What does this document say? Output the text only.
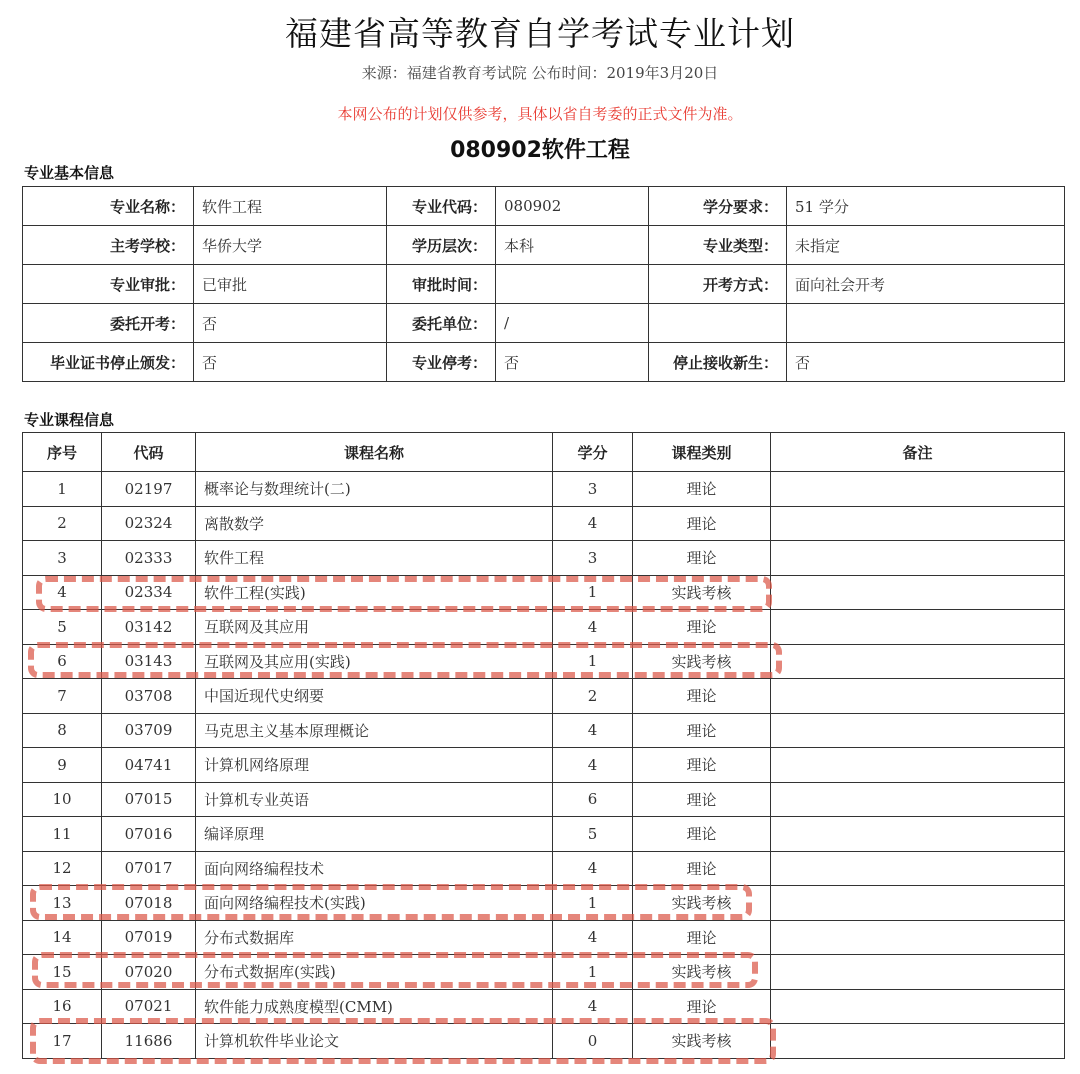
福建省高等教育自学考试专业计划
来源：福建省教育考试院 公布时间：2019年3月20日
本网公布的计划仅供参考，具体以省自考委的正式文件为准。
080902软件工程
专业基本信息
专业名称：	软件工程	专业代码：	080902	学分要求：	51 学分
主考学校：	华侨大学	学历层次：	本科	专业类型：	未指定
专业审批：	已审批	审批时间：		开考方式：	面向社会开考
委托开考：	否	委托单位：	/		
毕业证书停止颁发：	否	专业停考：	否	停止接收新生：	否
专业课程信息
序号	代码	课程名称	学分	课程类别	备注
1	02197	概率论与数理统计(二)	3	理论	
2	02324	离散数学	4	理论	
3	02333	软件工程	3	理论	
4	02334	软件工程(实践)	1	实践考核	
5	03142	互联网及其应用	4	理论	
6	03143	互联网及其应用(实践)	1	实践考核	
7	03708	中国近现代史纲要	2	理论	
8	03709	马克思主义基本原理概论	4	理论	
9	04741	计算机网络原理	4	理论	
10	07015	计算机专业英语	6	理论	
11	07016	编译原理	5	理论	
12	07017	面向网络编程技术	4	理论	
13	07018	面向网络编程技术(实践)	1	实践考核	
14	07019	分布式数据库	4	理论	
15	07020	分布式数据库(实践)	1	实践考核	
16	07021	软件能力成熟度模型(CMM)	4	理论	
17	11686	计算机软件毕业论文	0	实践考核	
